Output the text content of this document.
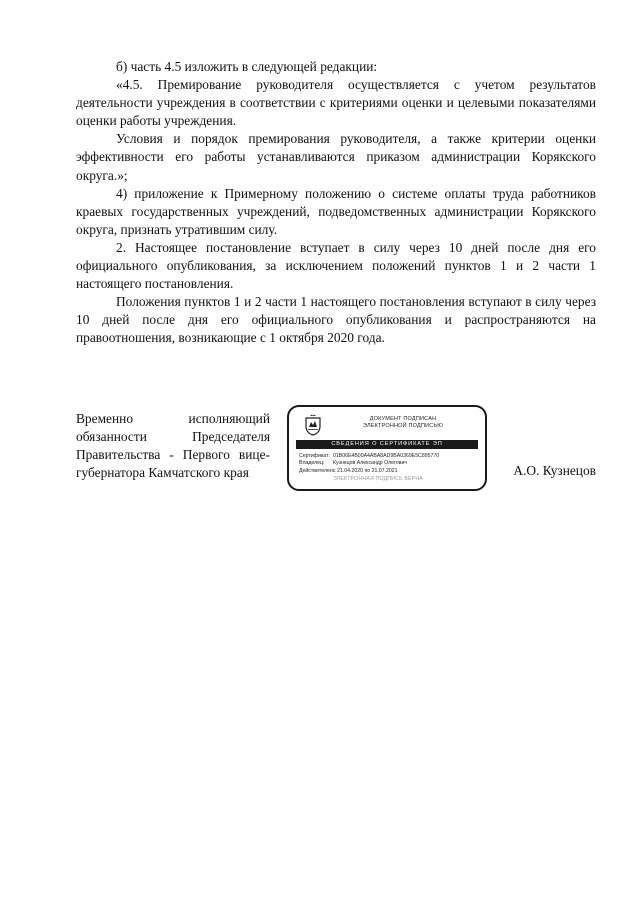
б) часть 4.5 изложить в следующей редакции:

«4.5. Премирование руководителя осуществляется с учетом результатов деятельности учреждения в соответствии с критериями оценки и целевыми показателями оценки работы учреждения.

Условия и порядок премирования руководителя, а также критерии оценки эффективности его работы устанавливаются приказом администрации Корякского округа.»;

4) приложение к Примерному положению о системе оплаты труда работников краевых государственных учреждений, подведомственных администрации Корякского округа, признать утратившим силу.

2. Настоящее постановление вступает в силу через 10 дней после дня его официального опубликования, за исключением положений пунктов 1 и 2 части 1 настоящего постановления.

Положения пунктов 1 и 2 части 1 настоящего постановления вступают в силу через 10 дней после дня его официального опубликования и распространяются на правоотношения, возникающие с 1 октября 2020 года.

Временно исполняющий
обязанности Председателя
Правительства - Первого вице-
губернатора Камчатского края
ДОКУМЕНТ ПОДПИСАН
ЭЛЕКТРОННОЙ ПОДПИСЬЮ
СВЕДЕНИЯ О СЕРТИФИКАТЕ ЭП
Сертификат: 01B06E4B00A4ABA8AD9BA0369E5C895770
Владелец:	Кузнецов Александр Олегович
Действителен:
с 21.04.2020 по 21.07.2021
ЭЛЕКТРОННАЯ ПОДПИСЬ ВЕРНА
А.О. Кузнецов
